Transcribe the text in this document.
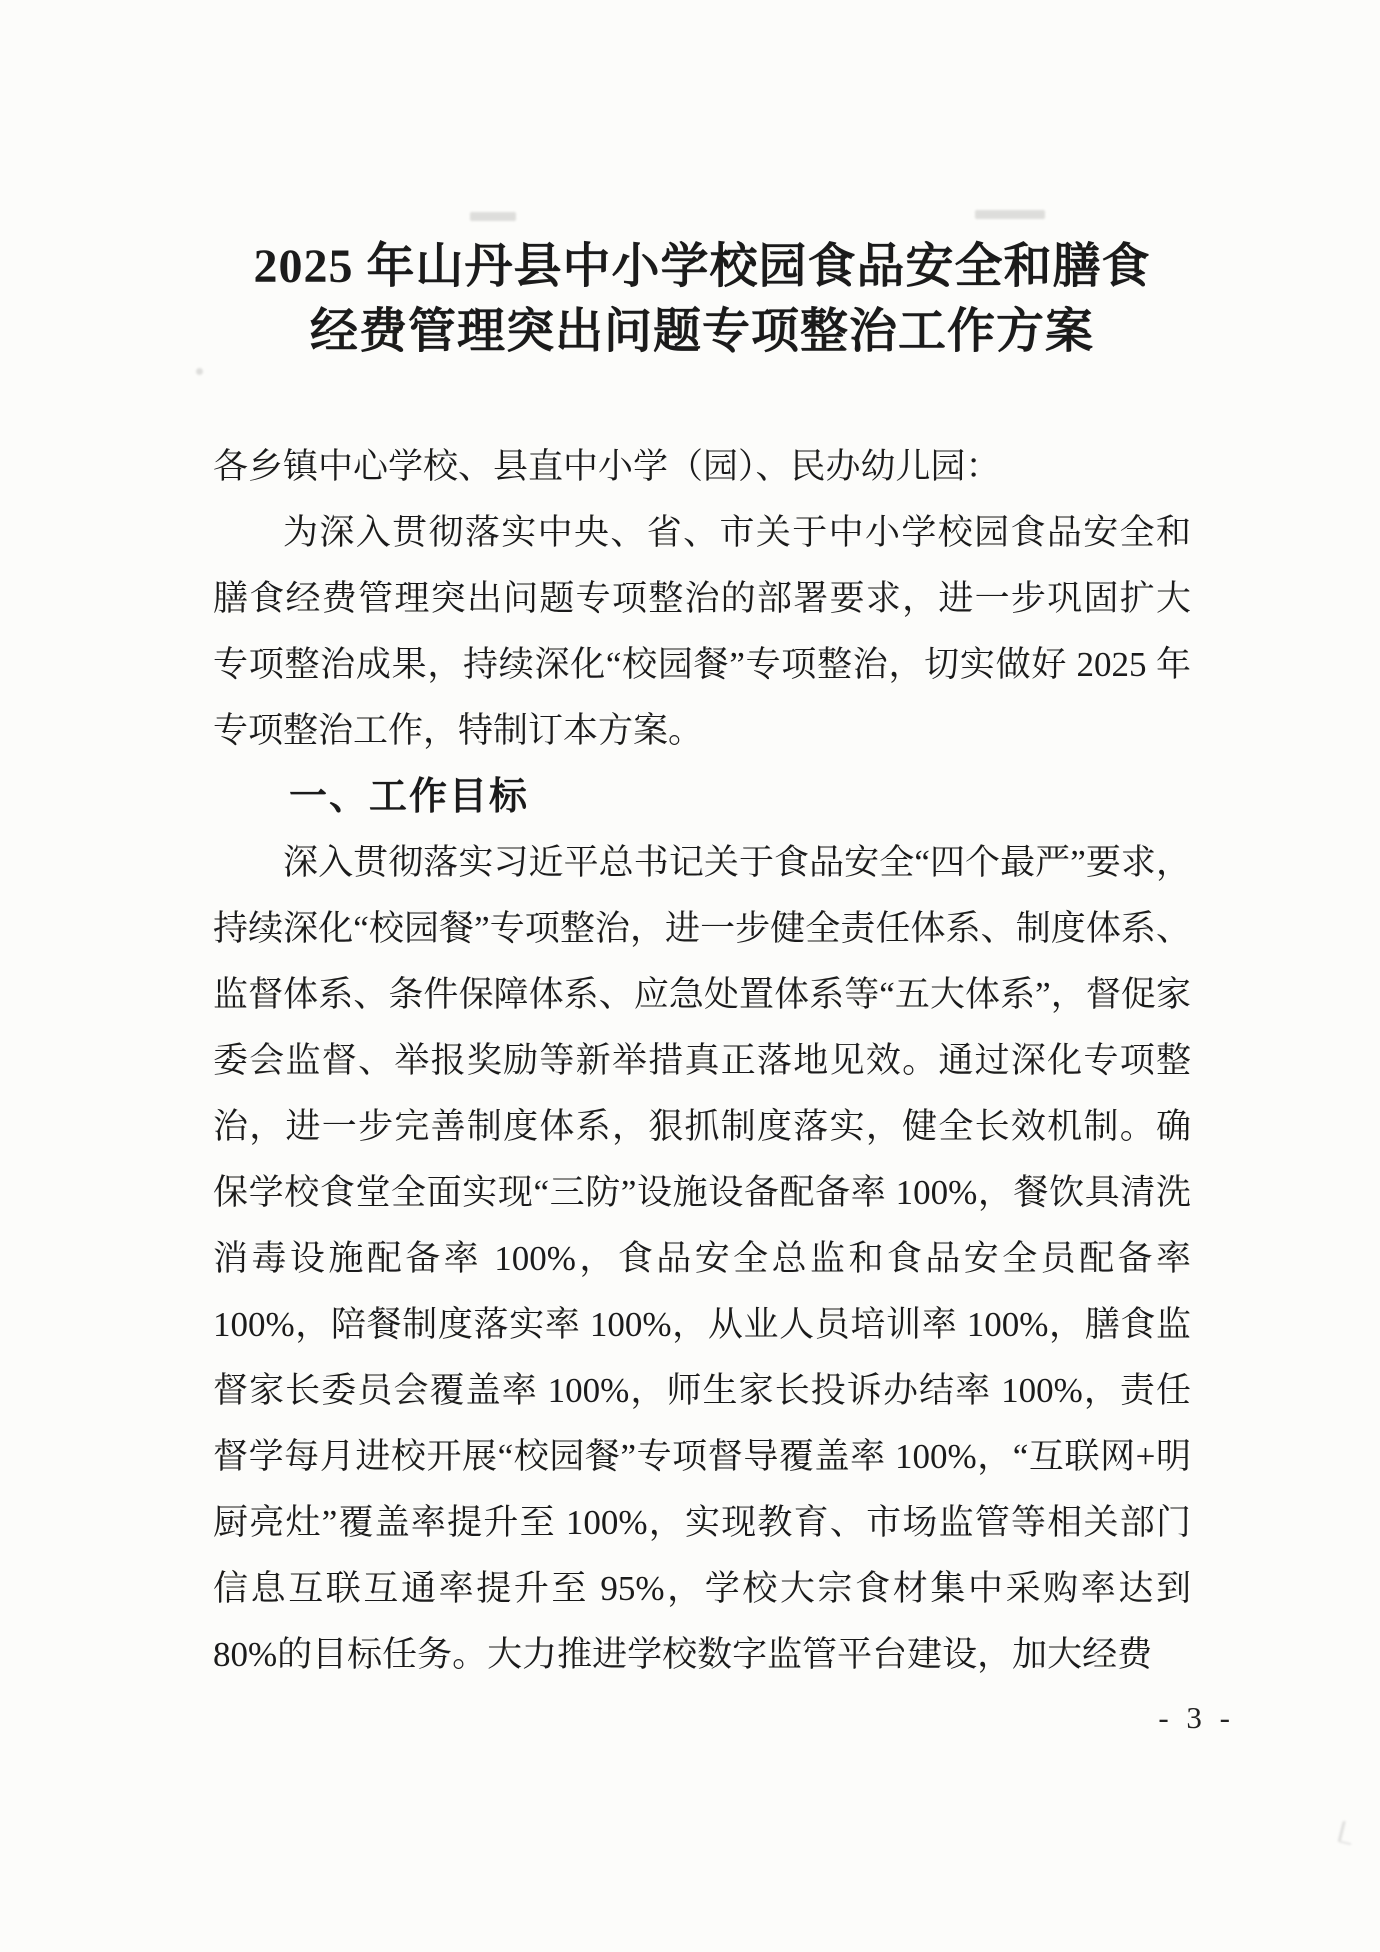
2025 年山丹县中小学校园食品安全和膳食
经费管理突出问题专项整治工作方案

各乡镇中心学校、县直中小学（园）、民办幼儿园：

为深入贯彻落实中央、省、市关于中小学校园食品安全和膳食经费管理突出问题专项整治的部署要求，进一步巩固扩大专项整治成果，持续深化“校园餐”专项整治，切实做好 2025 年专项整治工作，特制订本方案。

一、工作目标

深入贯彻落实习近平总书记关于食品安全“四个最严”要求，持续深化“校园餐”专项整治，进一步健全责任体系、制度体系、监督体系、条件保障体系、应急处置体系等“五大体系”，督促家委会监督、举报奖励等新举措真正落地见效。通过深化专项整治，进一步完善制度体系，狠抓制度落实，健全长效机制。确保学校食堂全面实现“三防”设施设备配备率 100%，餐饮具清洗消毒设施配备率 100%，食品安全总监和食品安全员配备率 100%，陪餐制度落实率 100%，从业人员培训率 100%，膳食监督家长委员会覆盖率 100%，师生家长投诉办结率 100%，责任督学每月进校开展“校园餐”专项督导覆盖率 100%，“互联网+明厨亮灶”覆盖率提升至 100%，实现教育、市场监管等相关部门信息互联互通率提升至 95%，学校大宗食材集中采购率达到 80%的目标任务。大力推进学校数字监管平台建设，加大经费

- 3 -
